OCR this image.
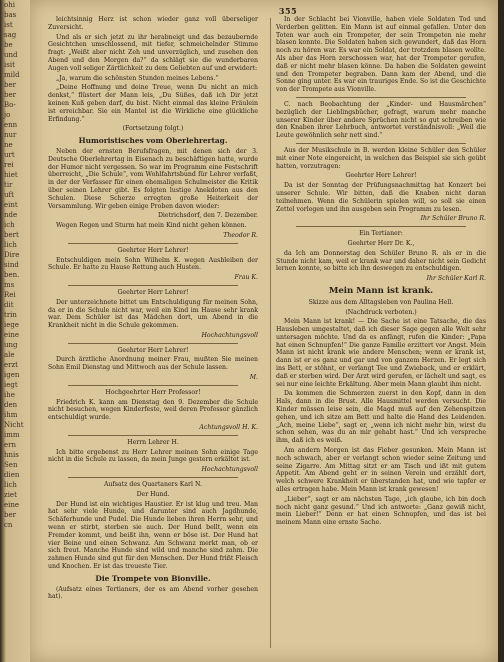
ohi
bas
ist
sag
be
und
isit
mild
ber
ber
Bo-
jo
enn
nur
ne
urt
rei
hiet
tir
uft
eint
nde
ich
bert
lich
Dire
sind
ben.
ms
Rei
dit
trin
iege
eine
ung
ale
erzt
igen
iegt
ihe
den
ihm
Nicht
imm
ern
hnis
Sen
dien
lich
ziet
eine
ber
cn
355

leichtsinnig Herz ist schon wieder ganz voll überseliger Zuversicht.

Und als er sich jetzt zu ihr herabneigt und das bezaubernde Gesichtchen umschlossend, mit tiefer, schmeichelnder Stimme fragt: „Weißt aber nicht Zeh und unverzüglich, und zusehen den Abend und den Morgen da?“ da schlägt sie die wunderbaren Augen voll seliger Zärtlichkeit zu dem Geliebten auf und erwidert:

„Ja, warum die schönsten Stunden meines Lebens.“

„Deine Hoffnung und deine Treue, wenn Du nicht an mich denkst,“ flüstert der Mann leis, „Du Süßes, daß ich Dir jetzt keinen Kuß geben darf, du bist. Nicht einmal das kleine Fräulein ist erreichbar. Sie ein Mantel ist die Wirkliche eine glückliche Erfindung.“

(Fortsetzung folgt.)

Humoristisches vom Oberlehrertag.

Neben der ernsten Berufsfragen, mit denen sich der 3. Deutsche Oberlehrertag in Eisenach zu beschäftigen hatte, wurde der Humor nicht vergessen. So war im Programm eine Festschrift überreicht, „Die Schule“, vom Wohlfahrtsbund für Lehrer verfaßt, in der der Verfasser für einen ehemaligen Schulmeister die Kritik über seinen Lehrer gibt. Es folgten lustige Anekdoten aus den Schulen. Diese Scherze erregten große Heiterkeit der Versammlung. Wir geben einige Proben davon wieder:

Dietrichsdorf, den 7. Dezember.

Wegen Regen und Sturm hat mein Kind nicht gehen können.

Theodor R.

Geehrter Herr Lehrer!

Entschuldigen mein Sohn Wilhelm K. wegen Ausbleiben der Schule. Er hatte zu Hause Rettung auch Husten.

Frau K.

Geehrter Herr Lehrer!

Der unterzeichnete bittet um Entschuldigung für meinen Sohn, da er in die Schule nicht war, weil ein Kind im Hause sehr krank war. Dem Schüler ist das Mädchen dort, um Abend in die Krankheit nicht in die Schule gekommen.

Hochachtungsvoll

Geehrter Herr Lehrer!

Durch ärztliche Anordnung meiner Frau, mußten Sie meinen Sohn Emil Dienstag und Mittwoch aus der Schule lassen.

M.

Hochgeehrter Herr Professor!

Friedrich K. kann am Dienstag den 9. Dezember die Schule nicht besuchen, wegen Kinderfeste, weil deren Professor gänzlich entschuldigt wurde.

Achtungsvoll H. K.

Herrn Lehrer H.

Ich bitte ergebenst zu Herr Lehrer meinen Sohn einige Tage nicht in die Schule zu lassen, da mein Junge gestern erkältet ist.

Hochachtungsvoll

Aufsatz des Quartaners Karl N.

Der Hund.

Der Hund ist ein wichtiges Haustier. Er ist klug und treu. Man hat sehr viele Hunde, und darunter sind auch Jagdhunde, Schäferhunde und Pudel. Die Hunde lieben ihren Herrn sehr, und wenn er stirbt, sterben sie auch. Der Hund bellt, wenn ein Fremder kommt, und beißt ihn, wenn er böse ist. Der Hund hat vier Beine und einen Schwanz. Am Schwanz merkt man, ob er sich freut. Manche Hunde sind wild und manche sind zahm. Die zahmen Hunde sind gut für den Menschen. Der Hund frißt Fleisch und Knochen. Er ist das treueste Tier.

Die Trompete von Bionville.

(Aufsatz eines Tertianers, der es am Abend vorher gesehen hat).

In der Schlacht bei Vionville, haben viele Soldaten Tod und Verderben gelitten. Ein Mann ist auf einmal gefallen. Unter den Toten war auch ein Trompeter, der sein Trompeten nie mehr blasen konnte. Die Soldaten haben sich gewundert, daß das Horn noch zu hören war. Es war ein Soldat, der trotzdem blasen wollte. Als aber das Horn zerschossen war, hat der Trompeter gerufen, daß er nicht mehr blasen könne. Da haben die Soldaten geweint und den Trompeter begraben. Dann kam der Abend, und die Sonne ging unter. Es war ein trauriges Ende. So ist die Geschichte von der Trompete aus Vionville.

C. nach Beobachtung der „Kinder- und Hausmärchen“ bezüglich der Lieblingsbücher, gefragt, warum mehr manche unserer Kinder über andere Sprüchen nicht so gut schreiben wie den Knaben ihrer Lehrbuch, antwortet verständnisvoll: „Weil die Leute gewöhnlich sehr nett sind.“

Aus der Musikschule in B. werden kleine Schüler den Schüler mit einer Note eingereicht, in welchen das Beispiel sie sich geübt hatten, vorzutragen:

Geehrter Herr Lehrer!

Da ist der Sonntag der Prüfungsnachmittag hat Konzert bei unserer Schule. Wir bitten, daß die Knaben nicht daran teilnehmen. Wenn die Schülerin spielen will, so soll sie einen Zettel vorlegen und ihn ausgeben sein Programm zu lesen.

Ihr Schüler Bruno R.

Ein Tertianer:

Geehrter Herr Dr. K.,

da Ich am Donnerstag den Schüler Bruno R. als er in die Stunde nicht kam, weil er krank war und daher nicht sein Gedicht lernen konnte, so bitte ich ihn deswegen zu entschuldigen.

Ihr Schüler Karl R.

Mein Mann ist krank.

Skizze aus dem Alltagsleben von Paulina Hell.

(Nachdruck verboten.)

Mein Mann ist krank! — Die Sache ist eine Tatsache, die das Hausleben umgestaltet, daß ich dieser Sage gegen alle Welt sehr untersagen möchte. Und da es anfängt, rufen die Kinder: „Papa hat einen Schnupfen!“ Die ganze Familie erzittert vor Angst. Mein Mann ist nicht krank wie andere Menschen; wenn er krank ist, dann ist er es ganz und gar und von ganzem Herzen. Er legt sich ins Bett, er stöhnt, er verlangt Tee und Zwieback, und er erklärt, daß er sterben wird. Der Arzt wird gerufen, er lächelt und sagt, es sei nur eine leichte Erkältung. Aber mein Mann glaubt ihm nicht.

Da kommen die Schmerzen zuerst in den Kopf, dann in den Hals, dann in die Brust. Alle Hausmittel werden versucht. Die Kinder müssen leise sein, die Magd muß auf den Zehenspitzen gehen, und ich sitze am Bett und halte die Hand des Leidenden. „Ach, meine Liebe“, sagt er, „wenn ich nicht mehr bin, wirst du schon sehen, was du an mir gehabt hast.“ Und ich verspreche ihm, daß ich es weiß.

Am andern Morgen ist das Fieber gesunken. Mein Mann ist noch schwach, aber er verlangt schon wieder seine Zeitung und seine Zigarre. Am Mittag sitzt er am Tisch und ißt mit gutem Appetit. Am Abend geht er in seinen Verein und erzählt dort, welch schwere Krankheit er überstanden hat, und wie tapfer er alles ertragen habe. Mein Mann ist krank gewesen!

„Lieber“, sagt er am nächsten Tage, „ich glaube, ich bin doch noch nicht ganz gesund.“ Und ich antworte: „Ganz gewiß nicht, mein Lieber!“ Denn er hat einen Schnupfen, und das ist bei meinem Mann eine ernste Sache.
